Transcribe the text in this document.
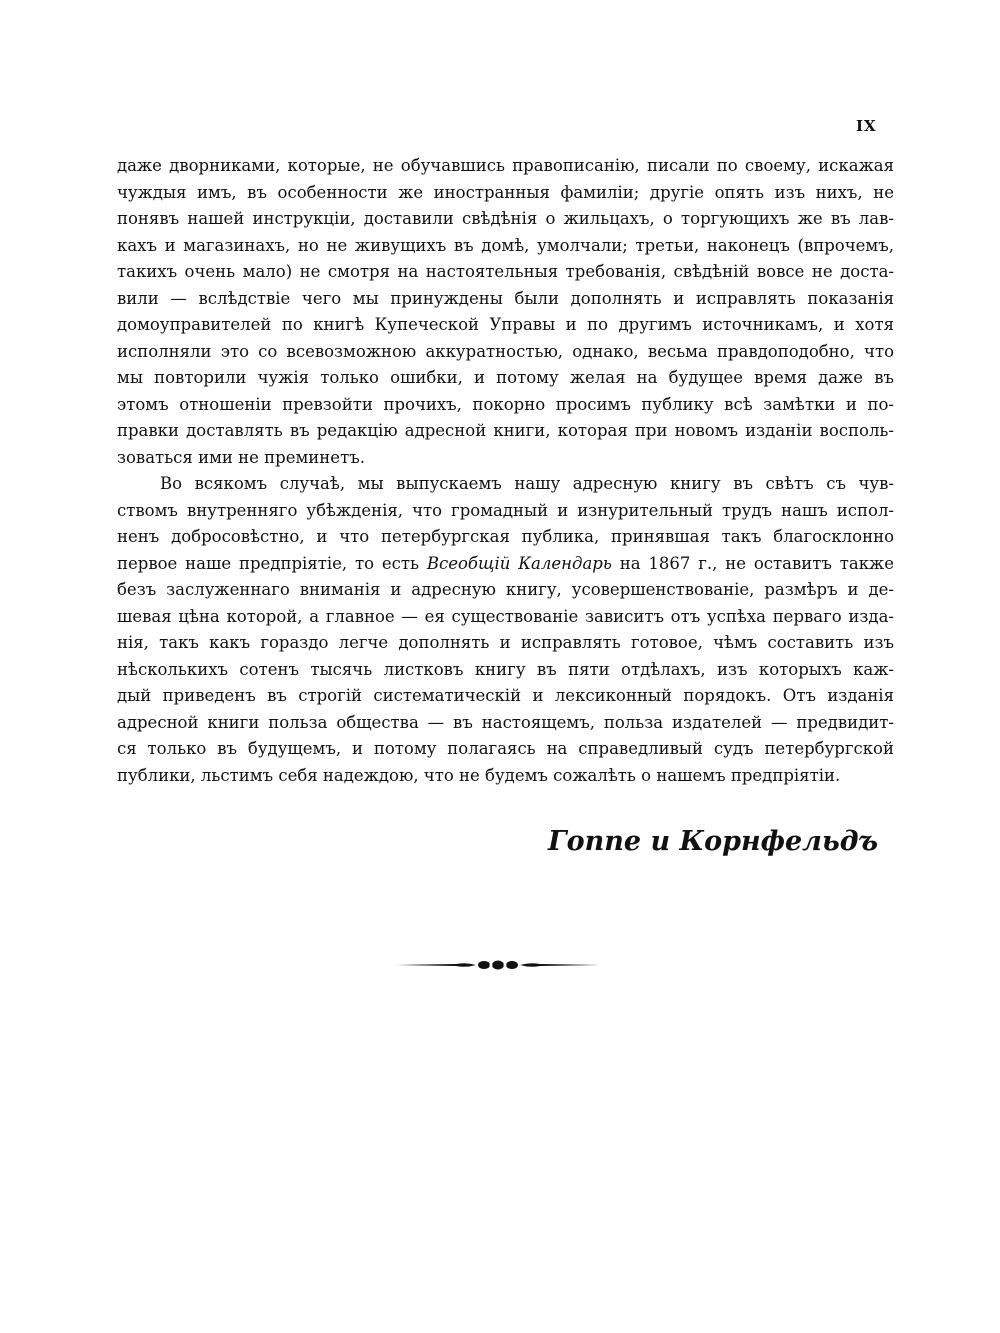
IX
даже дворниками, которые, не обучавшись правописанію, писали по своему, искажая
чуждыя имъ, въ особенности же иностранныя фамиліи; другіе опять изъ нихъ, не
понявъ нашей инструкціи, доставили свѣдѣнія о жильцахъ, о торгующихъ же въ лав-
кахъ и магазинахъ, но не живущихъ въ домѣ, умолчали; третьи, наконецъ (впрочемъ,
такихъ очень мало) не смотря на настоятельныя требованія, свѣдѣній вовсе не доста-
вили — вслѣдствіе чего мы принуждены были дополнять и исправлять показанія
домоуправителей по книгѣ Купеческой Управы и по другимъ источникамъ, и хотя
исполняли это со всевозможною аккуратностью, однако, весьма правдоподобно, что
мы повторили чужія только ошибки, и потому желая на будущее время даже въ
этомъ отношеніи превзойти прочихъ, покорно просимъ публику всѣ замѣтки и по-
правки доставлять въ редакцію адресной книги, которая при новомъ изданіи восполь-
зоваться ими не преминетъ.
Во всякомъ случаѣ, мы выпускаемъ нашу адресную книгу въ свѣтъ съ чув-
ствомъ внутренняго убѣжденія, что громадный и изнурительный трудъ нашъ испол-
ненъ добросовѣстно, и что петербургская публика, принявшая такъ благосклонно
первое наше предпріятіе, то есть Всеобщій Календарь на 1867 г., не оставитъ также
безъ заслуженнаго вниманія и адресную книгу, усовершенствованіе, размѣръ и де-
шевая цѣна которой, а главное — ея существованіе зависитъ отъ успѣха перваго изда-
нія, такъ какъ гораздо легче дополнять и исправлять готовое, чѣмъ составить изъ
нѣсколькихъ сотенъ тысячь листковъ книгу въ пяти отдѣлахъ, изъ которыхъ каж-
дый приведенъ въ строгій систематическій и лексиконный порядокъ. Отъ изданія
адресной книги польза общества — въ настоящемъ, польза издателей — предвидит-
ся только въ будущемъ, и потому полагаясь на справедливый судъ петербургской
публики, льстимъ себя надеждою, что не будемъ сожалѣть о нашемъ предпріятіи.
Гоппе и Корнфельдъ
